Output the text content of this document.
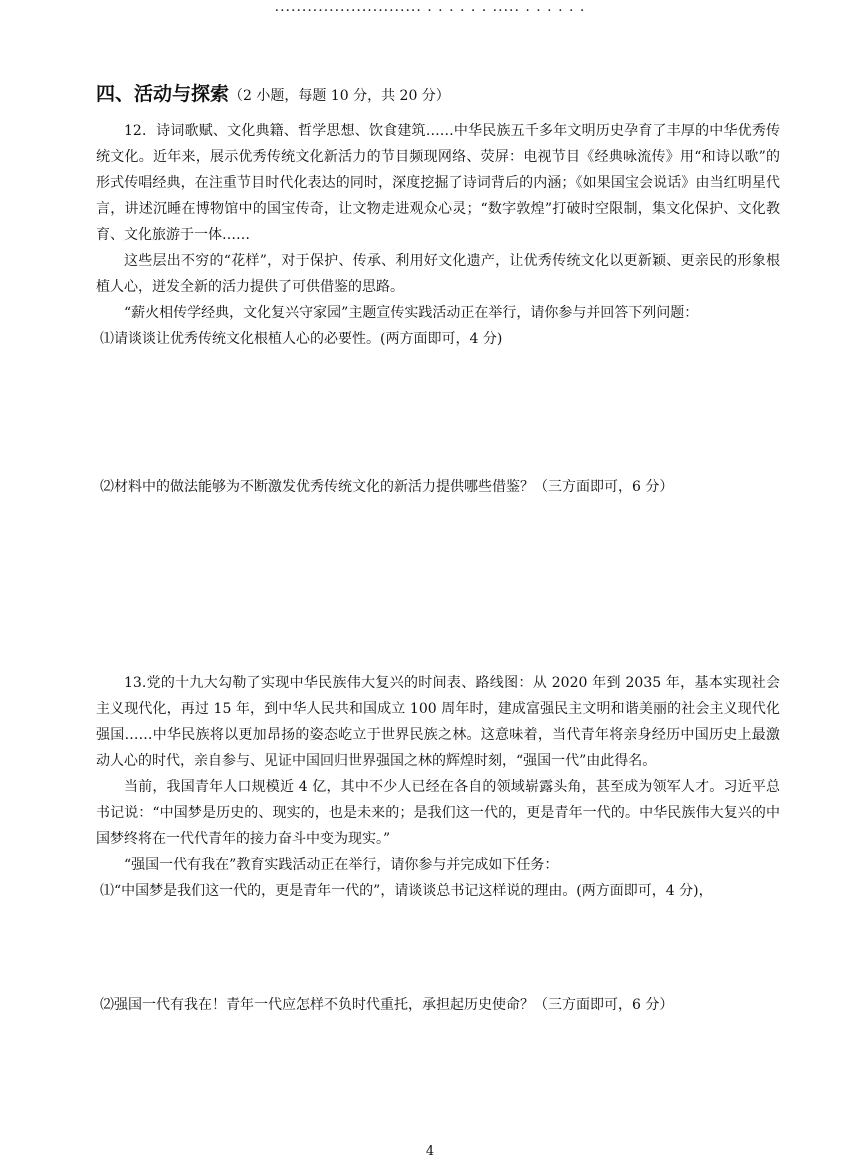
........................... . . . . . . ..... . . . . . .
四、活动与探索（2 小题，每题 10 分，共 20 分）

12．诗词歌赋、文化典籍、哲学思想、饮食建筑……中华民族五千多年文明历史孕育了丰厚的中华优秀传统文化。近年来，展示优秀传统文化新活力的节目频现网络、荧屏：电视节目《经典咏流传》用“和诗以歌”的形式传唱经典，在注重节目时代化表达的同时，深度挖掘了诗词背后的内涵；《如果国宝会说话》由当红明星代言，讲述沉睡在博物馆中的国宝传奇，让文物走进观众心灵；“数字敦煌”打破时空限制，集文化保护、文化教育、文化旅游于一体……

这些层出不穷的“花样”，对于保护、传承、利用好文化遗产，让优秀传统文化以更新颖、更亲民的形象根植人心，迸发全新的活力提供了可供借鉴的思路。

“薪火相传学经典，文化复兴守家园”主题宣传实践活动正在举行，请你参与并回答下列问题：

⑴请谈谈让优秀传统文化根植人心的必要性。(两方面即可，4 分)

⑵材料中的做法能够为不断激发优秀传统文化的新活力提供哪些借鉴？（三方面即可，6 分）

13.党的十九大勾勒了实现中华民族伟大复兴的时间表、路线图：从 2020 年到 2035 年，基本实现社会主义现代化，再过 15 年，到中华人民共和国成立 100 周年时，建成富强民主文明和谐美丽的社会主义现代化强国……中华民族将以更加昂扬的姿态屹立于世界民族之林。这意味着，当代青年将亲身经历中国历史上最激动人心的时代，亲自参与、见证中国回归世界强国之林的辉煌时刻，“强国一代”由此得名。

当前，我国青年人口规模近 4 亿，其中不少人已经在各自的领域崭露头角，甚至成为领军人才。习近平总书记说：“中国梦是历史的、现实的，也是未来的；是我们这一代的，更是青年一代的。中华民族伟大复兴的中国梦终将在一代代青年的接力奋斗中变为现实。”

“强国一代有我在”教育实践活动正在举行，请你参与并完成如下任务：

⑴“中国梦是我们这一代的，更是青年一代的”，请谈谈总书记这样说的理由。(两方面即可，4 分)，

⑵强国一代有我在！青年一代应怎样不负时代重托，承担起历史使命？（三方面即可，6 分）

4
